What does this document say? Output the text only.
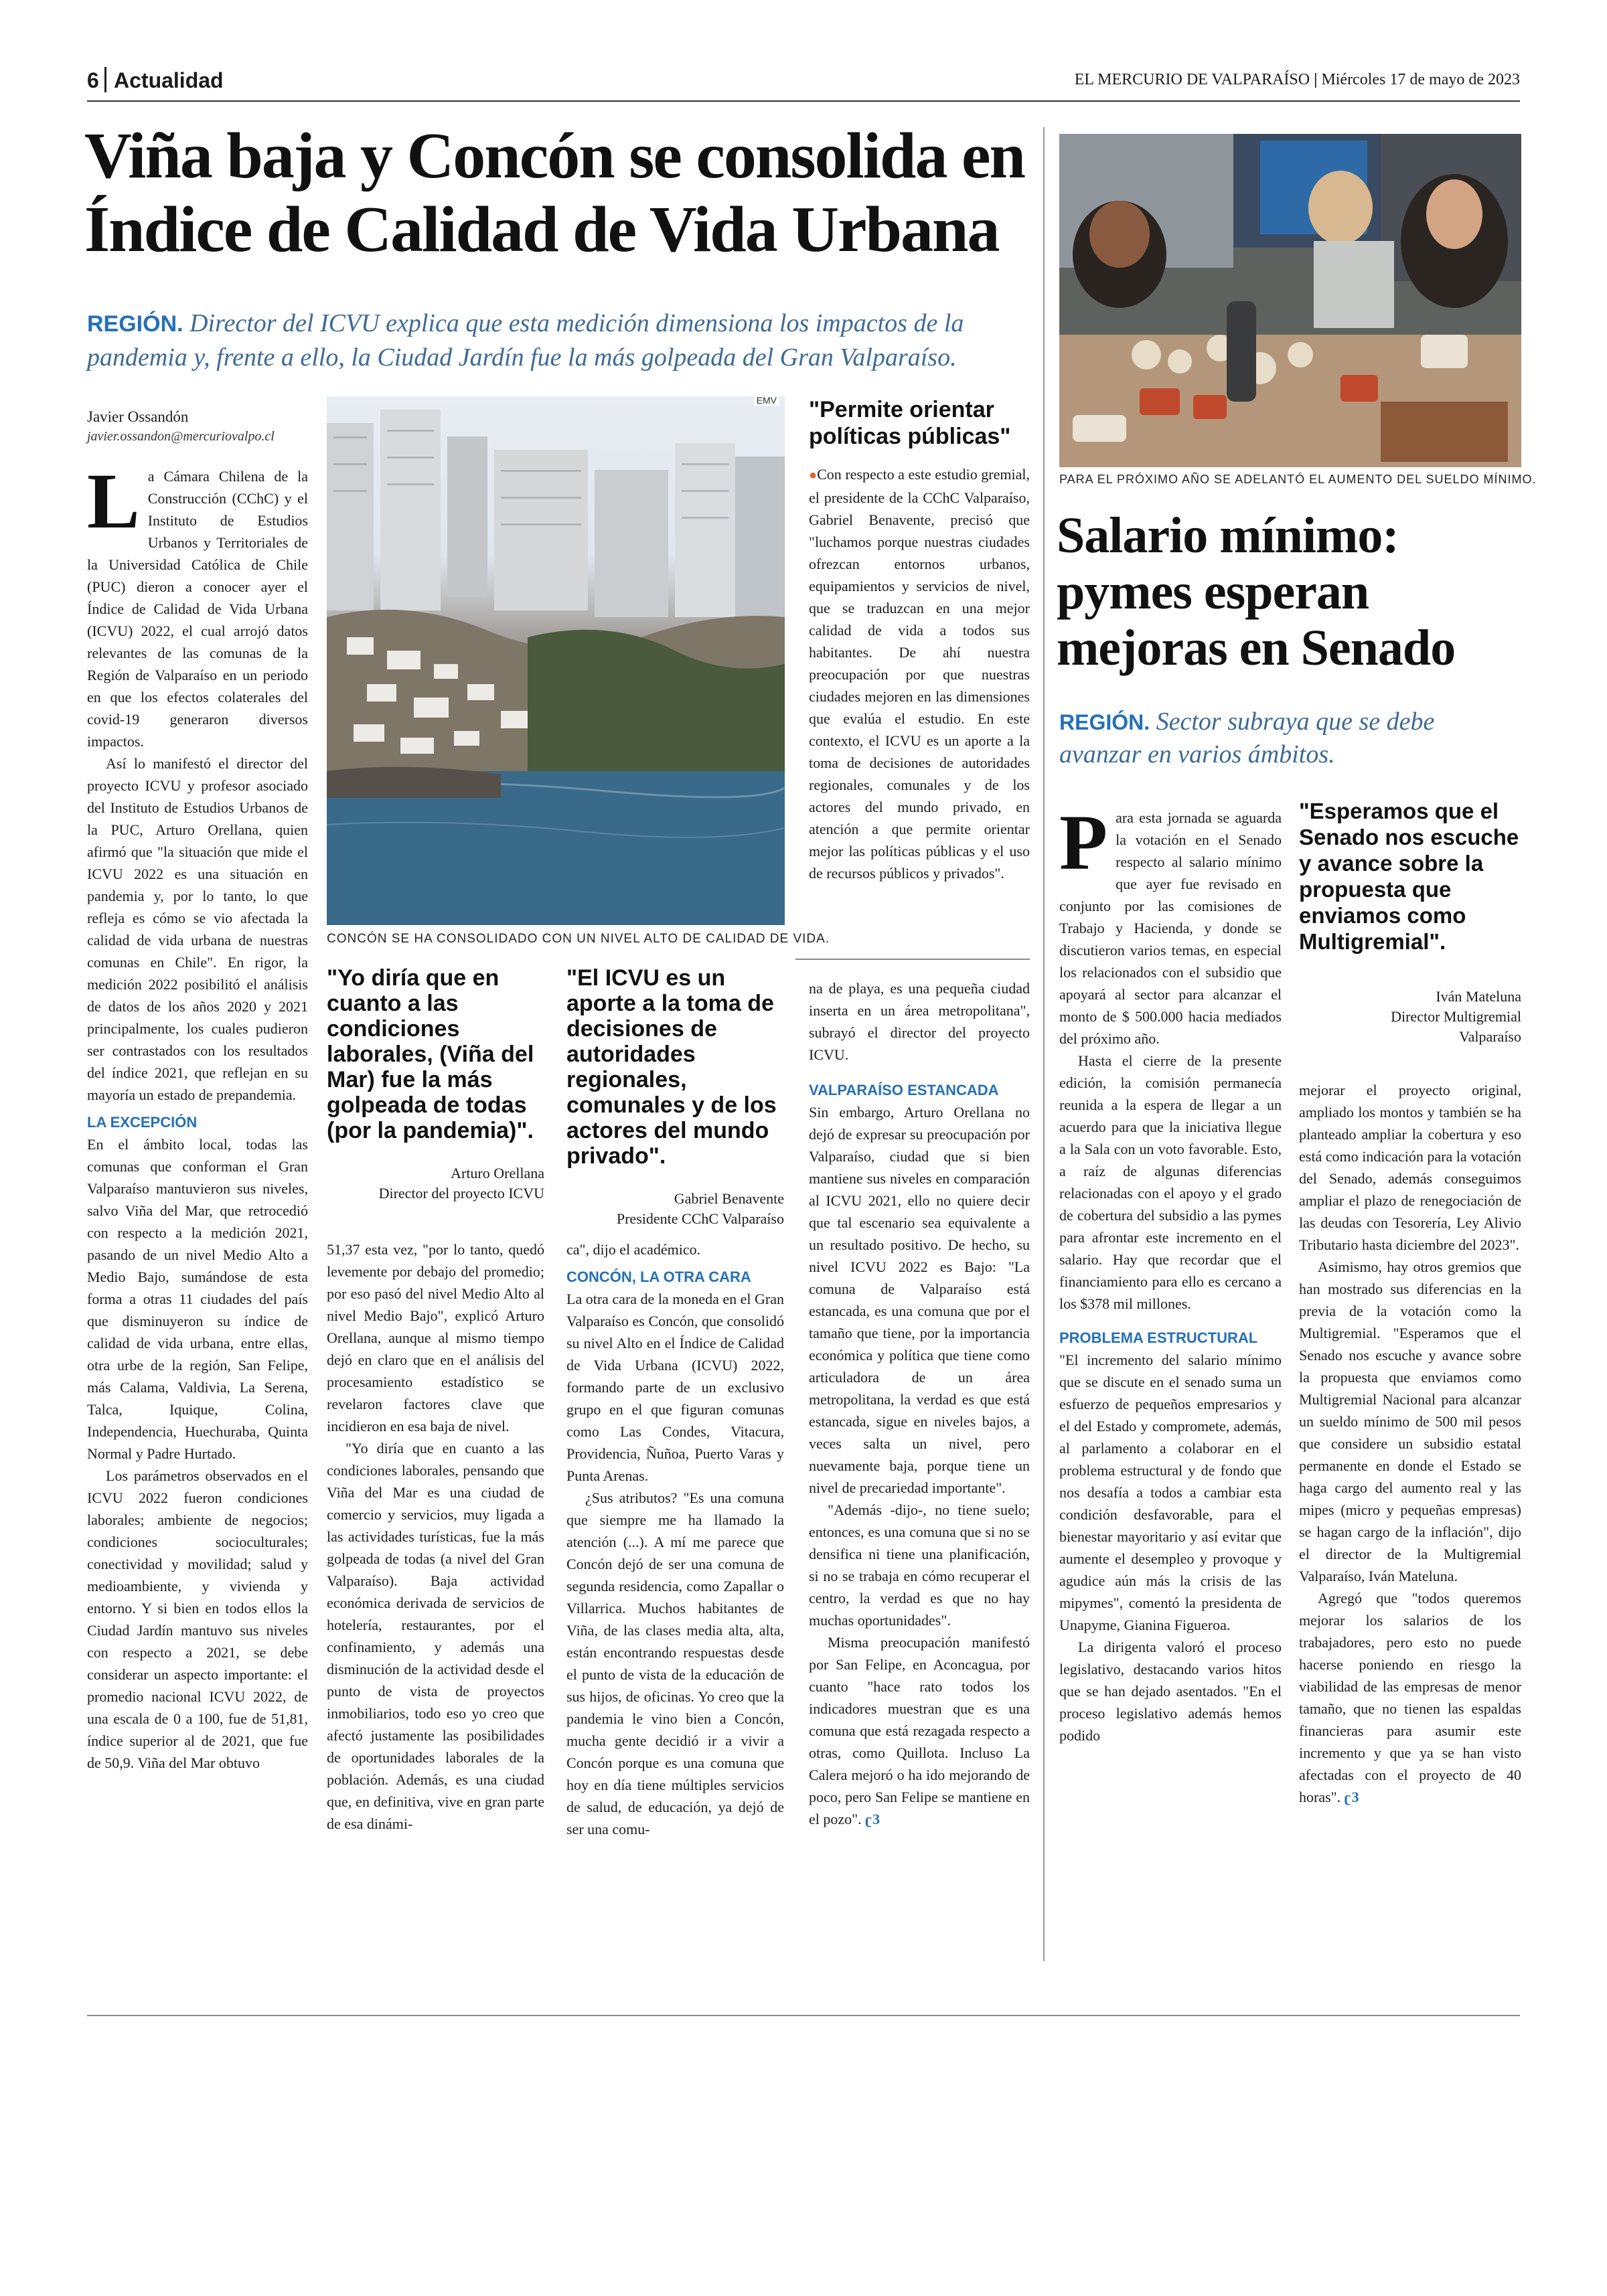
6 Actualidad	EL MERCURIO DE VALPARAÍSO | Miércoles 17 de mayo de 2023
Viña baja y Concón se consolida en
Índice de Calidad de Vida Urbana
REGIÓN. Director del ICVU explica que esta medición dimensiona los impactos de la
pandemia y, frente a ello, la Ciudad Jardín fue la más golpeada del Gran Valparaíso.
Javier Ossandón
javier.ossandon@mercuriovalpo.cl
EMV
CONCÓN SE HA CONSOLIDADO CON UN NIVEL ALTO DE CALIDAD DE VIDA.
"Permite orientar políticas públicas"

●Con respecto a este estudio gremial, el presidente de la CChC Valparaíso, Gabriel Benavente, precisó que "luchamos porque nuestras ciudades ofrezcan entornos urbanos, equipamientos y servicios de nivel, que se traduzcan en una mejor calidad de vida a todos sus habitantes. De ahí nuestra preocupación por que nuestras ciudades mejoren en las dimensiones que evalúa el estudio. En este contexto, el ICVU es un aporte a la toma de decisiones de autoridades regionales, comunales y de los actores del mundo privado, en atención a que permite orientar mejor las políticas públicas y el uso de recursos públicos y privados".

La Cámara Chilena de la Construcción (CChC) y el Instituto de Estudios Urbanos y Territoriales de la Universidad Católica de Chile (PUC) dieron a conocer ayer el Índice de Calidad de Vida Urbana (ICVU) 2022, el cual arrojó datos relevantes de las comunas de la Región de Valparaíso en un periodo en que los efectos colaterales del covid-19 generaron diversos impactos.

Así lo manifestó el director del proyecto ICVU y profesor asociado del Instituto de Estudios Urbanos de la PUC, Arturo Orellana, quien afirmó que "la situación que mide el ICVU 2022 es una situación en pandemia y, por lo tanto, lo que refleja es cómo se vio afectada la calidad de vida urbana de nuestras comunas en Chile". En rigor, la medición 2022 posibilitó el análisis de datos de los años 2020 y 2021 principalmente, los cuales pudieron ser contrastados con los resultados del índice 2021, que reflejan en su mayoría un estado de prepandemia.

LA EXCEPCIÓN

En el ámbito local, todas las comunas que conforman el Gran Valparaíso mantuvieron sus niveles, salvo Viña del Mar, que retrocedió con respecto a la medición 2021, pasando de un nivel Medio Alto a Medio Bajo, sumándose de esta forma a otras 11 ciudades del país que disminuyeron su índice de calidad de vida urbana, entre ellas, otra urbe de la región, San Felipe, más Calama, Valdivia, La Serena, Talca, Iquique, Colina, Independencia, Huechuraba, Quinta Normal y Padre Hurtado.

Los parámetros observados en el ICVU 2022 fueron condiciones laborales; ambiente de negocios; condiciones socioculturales; conectividad y movilidad; salud y medioambiente, y vivienda y entorno. Y si bien en todos ellos la Ciudad Jardín mantuvo sus niveles con respecto a 2021, se debe considerar un aspecto importante: el promedio nacional ICVU 2022, de una escala de 0 a 100, fue de 51,81, índice superior al de 2021, que fue de 50,9. Viña del Mar obtuvo

"Yo diría que en cuanto a las condiciones laborales, (Viña del Mar) fue la más golpeada de todas (por la pandemia)".
Arturo Orellana
Director del proyecto ICVU

51,37 esta vez, "por lo tanto, quedó levemente por debajo del promedio; por eso pasó del nivel Medio Alto al nivel Medio Bajo", explicó Arturo Orellana, aunque al mismo tiempo dejó en claro que en el análisis del procesamiento estadístico se revelaron factores clave que incidieron en esa baja de nivel.

"Yo diría que en cuanto a las condiciones laborales, pensando que Viña del Mar es una ciudad de comercio y servicios, muy ligada a las actividades turísticas, fue la más golpeada de todas (a nivel del Gran Valparaíso). Baja actividad económica derivada de servicios de hotelería, restaurantes, por el confinamiento, y además una disminución de la actividad desde el punto de vista de proyectos inmobiliarios, todo eso yo creo que afectó justamente las posibilidades de oportunidades laborales de la población. Además, es una ciudad que, en definitiva, vive en gran parte de esa dinámi-

"El ICVU es un aporte a la toma de decisiones de autoridades regionales, comunales y de los actores del mundo privado".
Gabriel Benavente
Presidente CChC Valparaíso

ca", dijo el académico.

CONCÓN, LA OTRA CARA

La otra cara de la moneda en el Gran Valparaíso es Concón, que consolidó su nivel Alto en el Índice de Calidad de Vida Urbana (ICVU) 2022, formando parte de un exclusivo grupo en el que figuran comunas como Las Condes, Vitacura, Providencia, Ñuñoa, Puerto Varas y Punta Arenas.

¿Sus atributos? "Es una comuna que siempre me ha llamado la atención (...). A mí me parece que Concón dejó de ser una comuna de segunda residencia, como Zapallar o Villarrica. Muchos habitantes de Viña, de las clases media alta, alta, están encontrando respuestas desde el punto de vista de la educación de sus hijos, de oficinas. Yo creo que la pandemia le vino bien a Concón, mucha gente decidió ir a vivir a Concón porque es una comuna que hoy en día tiene múltiples servicios de salud, de educación, ya dejó de ser una comu-

na de playa, es una pequeña ciudad inserta en un área metropolitana", subrayó el director del proyecto ICVU.

VALPARAÍSO ESTANCADA

Sin embargo, Arturo Orellana no dejó de expresar su preocupación por Valparaíso, ciudad que si bien mantiene sus niveles en comparación al ICVU 2021, ello no quiere decir que tal escenario sea equivalente a un resultado positivo. De hecho, su nivel ICVU 2022 es Bajo: "La comuna de Valparaíso está estancada, es una comuna que por el tamaño que tiene, por la importancia económica y política que tiene como articuladora de un área metropolitana, la verdad es que está estancada, sigue en niveles bajos, a veces salta un nivel, pero nuevamente baja, porque tiene un nivel de precariedad importante".

"Además -dijo-, no tiene suelo; entonces, es una comuna que si no se densifica ni tiene una planificación, si no se trabaja en cómo recuperar el centro, la verdad es que no hay muchas oportunidades".

Misma preocupación manifestó por San Felipe, en Aconcagua, por cuanto "hace rato todos los indicadores muestran que es una comuna que está rezagada respecto a otras, como Quillota. Incluso La Calera mejoró o ha ido mejorando de poco, pero San Felipe se mantiene en el pozo". ʗ3

PARA EL PRÓXIMO AÑO SE ADELANTÓ EL AUMENTO DEL SUELDO MÍNIMO.
Salario mínimo:
pymes esperan
mejoras en Senado
REGIÓN. Sector subraya que se debe
avanzar en varios ámbitos.

Para esta jornada se aguarda la votación en el Senado respecto al salario mínimo que ayer fue revisado en conjunto por las comisiones de Trabajo y Hacienda, y donde se discutieron varios temas, en especial los relacionados con el subsidio que apoyará al sector para alcanzar el monto de $ 500.000 hacia mediados del próximo año.

Hasta el cierre de la presente edición, la comisión permanecía reunida a la espera de llegar a un acuerdo para que la iniciativa llegue a la Sala con un voto favorable. Esto, a raíz de algunas diferencias relacionadas con el apoyo y el grado de cobertura del subsidio a las pymes para afrontar este incremento en el salario. Hay que recordar que el financiamiento para ello es cercano a los $378 mil millones.

PROBLEMA ESTRUCTURAL

"El incremento del salario mínimo que se discute en el senado suma un esfuerzo de pequeños empresarios y el del Estado y compromete, además, al parlamento a colaborar en el problema estructural y de fondo que nos desafía a todos a cambiar esta condición desfavorable, para el bienestar mayoritario y así evitar que aumente el desempleo y provoque y agudice aún más la crisis de las mipymes", comentó la presidenta de Unapyme, Gianina Figueroa.

La dirigenta valoró el proceso legislativo, destacando varios hitos que se han dejado asentados. "En el proceso legislativo además hemos podido

"Esperamos que el Senado nos escuche y avance sobre la propuesta que enviamos como Multigremial".
Iván Mateluna
Director Multigremial
Valparaíso

mejorar el proyecto original, ampliado los montos y también se ha planteado ampliar la cobertura y eso está como indicación para la votación del Senado, además conseguimos ampliar el plazo de renegociación de las deudas con Tesorería, Ley Alivio Tributario hasta diciembre del 2023".

Asimismo, hay otros gremios que han mostrado sus diferencias en la previa de la votación como la Multigremial. "Esperamos que el Senado nos escuche y avance sobre la propuesta que enviamos como Multigremial Nacional para alcanzar un sueldo mínimo de 500 mil pesos que considere un subsidio estatal permanente en donde el Estado se haga cargo del aumento real y las mipes (micro y pequeñas empresas) se hagan cargo de la inflación", dijo el director de la Multigremial Valparaíso, Iván Mateluna.

Agregó que "todos queremos mejorar los salarios de los trabajadores, pero esto no puede hacerse poniendo en riesgo la viabilidad de las empresas de menor tamaño, que no tienen las espaldas financieras para asumir este incremento y que ya se han visto afectadas con el proyecto de 40 horas". ʗ3
